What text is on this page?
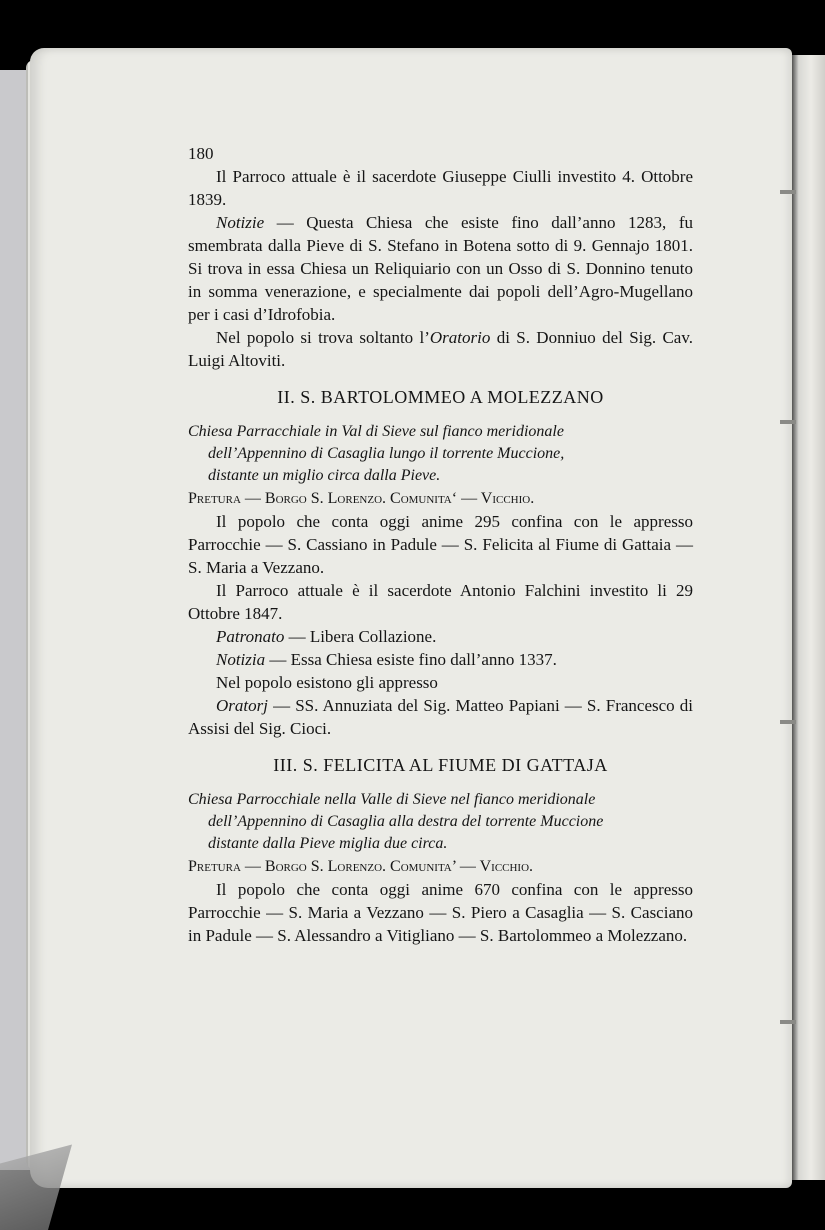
180

Il Parroco attuale è il sacerdote Giuseppe Ciulli investito 4. Ottobre 1839.

Notizie — Questa Chiesa che esiste fino dall’anno 1283, fu smembrata dalla Pieve di S. Stefano in Botena sotto di 9. Gennajo 1801. Si trova in essa Chiesa un Reliquiario con un Osso di S. Donnino tenuto in somma venerazione, e specialmente dai popoli dell’Agro-Mugellano per i casi d’Idrofobia.

Nel popolo si trova soltanto l’Oratorio di S. Donniuo del Sig. Cav. Luigi Altoviti.

II. S. BARTOLOMMEO A MOLEZZANO

Chiesa Parracchiale in Val di Sieve sul fianco meridionale
dell’Appennino di Casaglia lungo il torrente Muccione,
distante un miglio circa dalla Pieve.

Pretura — Borgo S. Lorenzo. Comunita‘ — Vicchio.

Il popolo che conta oggi anime 295 confina con le appresso Parrocchie — S. Cassiano in Padule — S. Felicita al Fiume di Gattaia — S. Maria a Vezzano.

Il Parroco attuale è il sacerdote Antonio Falchini investito li 29 Ottobre 1847.

Patronato — Libera Collazione.

Notizia — Essa Chiesa esiste fino dall’anno 1337.

Nel popolo esistono gli appresso

Oratorj — SS. Annuziata del Sig. Matteo Papiani — S. Francesco di Assisi del Sig. Cioci.

III. S. FELICITA AL FIUME DI GATTAJA

Chiesa Parrocchiale nella Valle di Sieve nel fianco meridionale
dell’Appennino di Casaglia alla destra del torrente Muccione
distante dalla Pieve miglia due circa.

Pretura — Borgo S. Lorenzo. Comunita’ — Vicchio.

Il popolo che conta oggi anime 670 confina con le appresso Parrocchie — S. Maria a Vezzano — S. Piero a Casaglia — S. Casciano in Padule — S. Alessandro a Vitigliano — S. Bartolommeo a Molezzano.
